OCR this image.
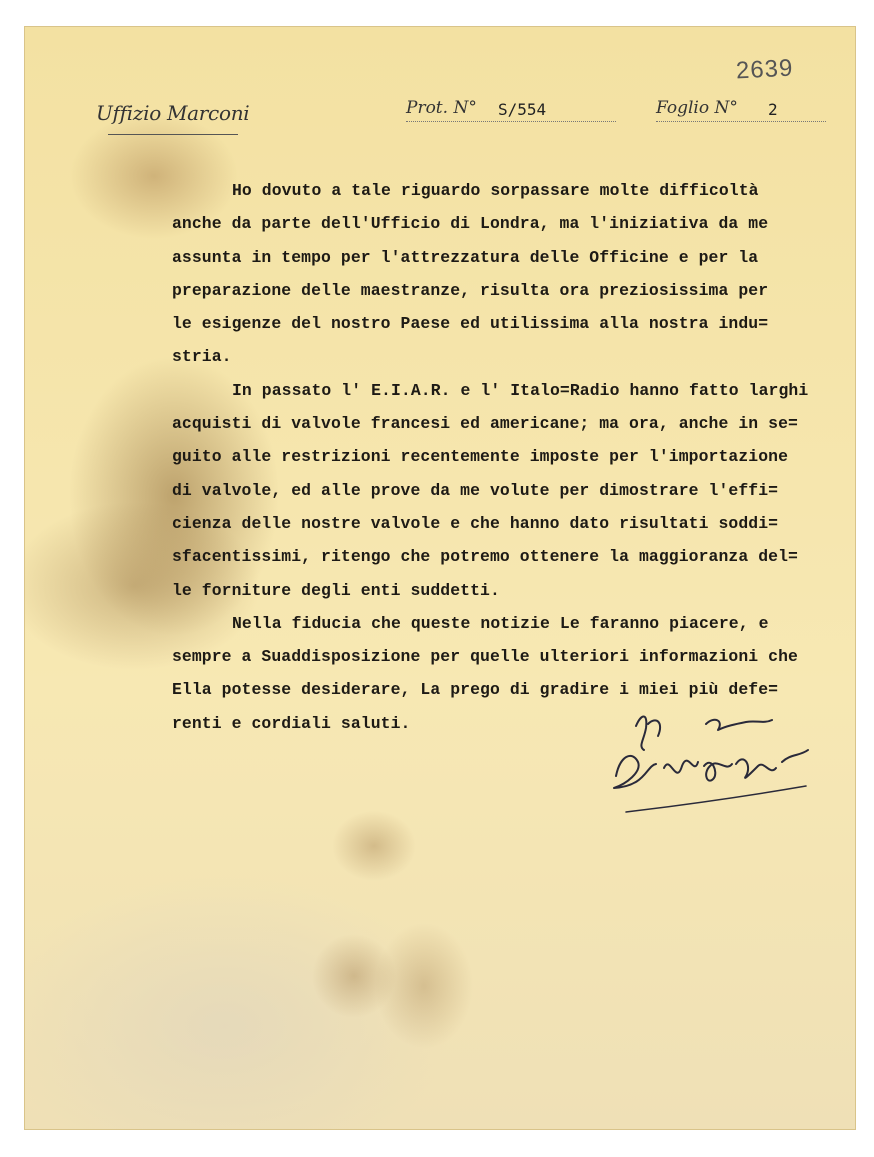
2639
Uffizio Marconi	Prot. N° S/554	Foglio N° 2
Ho dovuto a tale riguardo sorpassare molte difficoltà
anche da parte dell'Ufficio di Londra, ma l'iniziativa da me
assunta in tempo per l'attrezzatura delle Officine e per la
preparazione delle maestranze, risulta ora preziosissima per
le esigenze del nostro Paese ed utilissima alla nostra indu=
stria.
In passato l' E.I.A.R. e l' Italo=Radio hanno fatto larghi
acquisti di valvole francesi ed americane; ma ora, anche in se=
guito alle restrizioni recentemente imposte per l'importazione
di valvole, ed alle prove da me volute per dimostrare l'effi=
cienza delle nostre valvole e che hanno dato risultati soddi=
sfacentissimi, ritengo che potremo ottenere la maggioranza del=
le forniture degli enti suddetti.
Nella fiducia che queste notizie Le faranno piacere, e
sempre a Suaddisposizione per quelle ulteriori informazioni che
Ella potesse desiderare, La prego di gradire i miei più defe=
renti e cordiali saluti.
